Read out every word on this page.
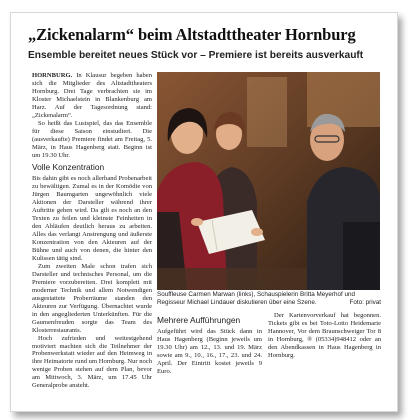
„Zickenalarm“ beim Altstadttheater Hornburg
Ensemble bereitet neues Stück vor – Premiere ist bereits ausverkauft

HORNBURG. In Klausur begeben haben sich die Mitglieder des Altstadttheaters Hornburg. Drei Tage verbrachten sie im Kloster Michaelstein in Blankenburg am Harz. Auf der Tagesordnung stand: „Zickenalarm“.

So heißt das Lustspiel, das das Ensemble für diese Saison einstudiert. Die (ausverkaufte) Premiere findet am Freitag, 5. März, in Haus Hagenberg statt. Beginn ist um 19.30 Uhr.

Volle Konzentration

Bis dahin gibt es noch allerhand Probenarbeit zu bewältigen. Zumal es in der Komödie von Jürgen Baumgarten ungewöhnlich viele Aktionen der Darsteller während ihrer Auftritte geben wird. Da gilt es noch an den Texten zu feilen und kleinste Feinheiten in den Abläufen deutlich heraus zu arbeiten. Alles das verlangt Anstrengung und äußerste Konzentration von den Akteuren auf der Bühne und auch von denen, die hinter den Kulissen tätig sind.

Zum zweiten Male schon trafen sich Darsteller und technisches Personal, um die Premiere vorzubereiten. Drei komplett mit moderner Technik und allem Notwendigen ausgestattete Proberräume standen den Akteuren zur Verfügung. Übernachtet wurde in den angegliederten Unterkünften. Für die Gaumenfreuden sorgte das Team des Klosterrestaurants.

Hoch zufrieden und weitestgehend motiviert machten sich die Teilnehmer der Probenwerkstatt wieder auf den Heimweg in ihre Heimatorte rund um Hornburg. Nur noch wenige Proben stehen auf dem Plan, bevor am Mittwoch, 3. März, um 17.45 Uhr Generalprobe ansteht.

Souffleuse Carmen Marwan (links), Schauspielerin Britta Meyerhof und Regisseur Michael Lindauer diskutieren über eine Szene.	Foto: privat

Mehrere Aufführungen

Aufgeführt wird das Stück dann in Haus Hagenberg (Beginn jeweils um 19.30 Uhr) am 12., 13. und 19. März sowie am 9., 10., 16., 17., 23. und 24. April. Der Eintritt kostet jeweils 9 Euro.

Der Kartenvorverkauf hat begonnen. Tickets gibt es bei Toto-Lotto Heidemarie Hannover, Vor dem Braunschweiger Tor 8 in Hornburg, ® (05334)948412 oder an den Abendkassen in Haus Hagenberg in Hornburg.
